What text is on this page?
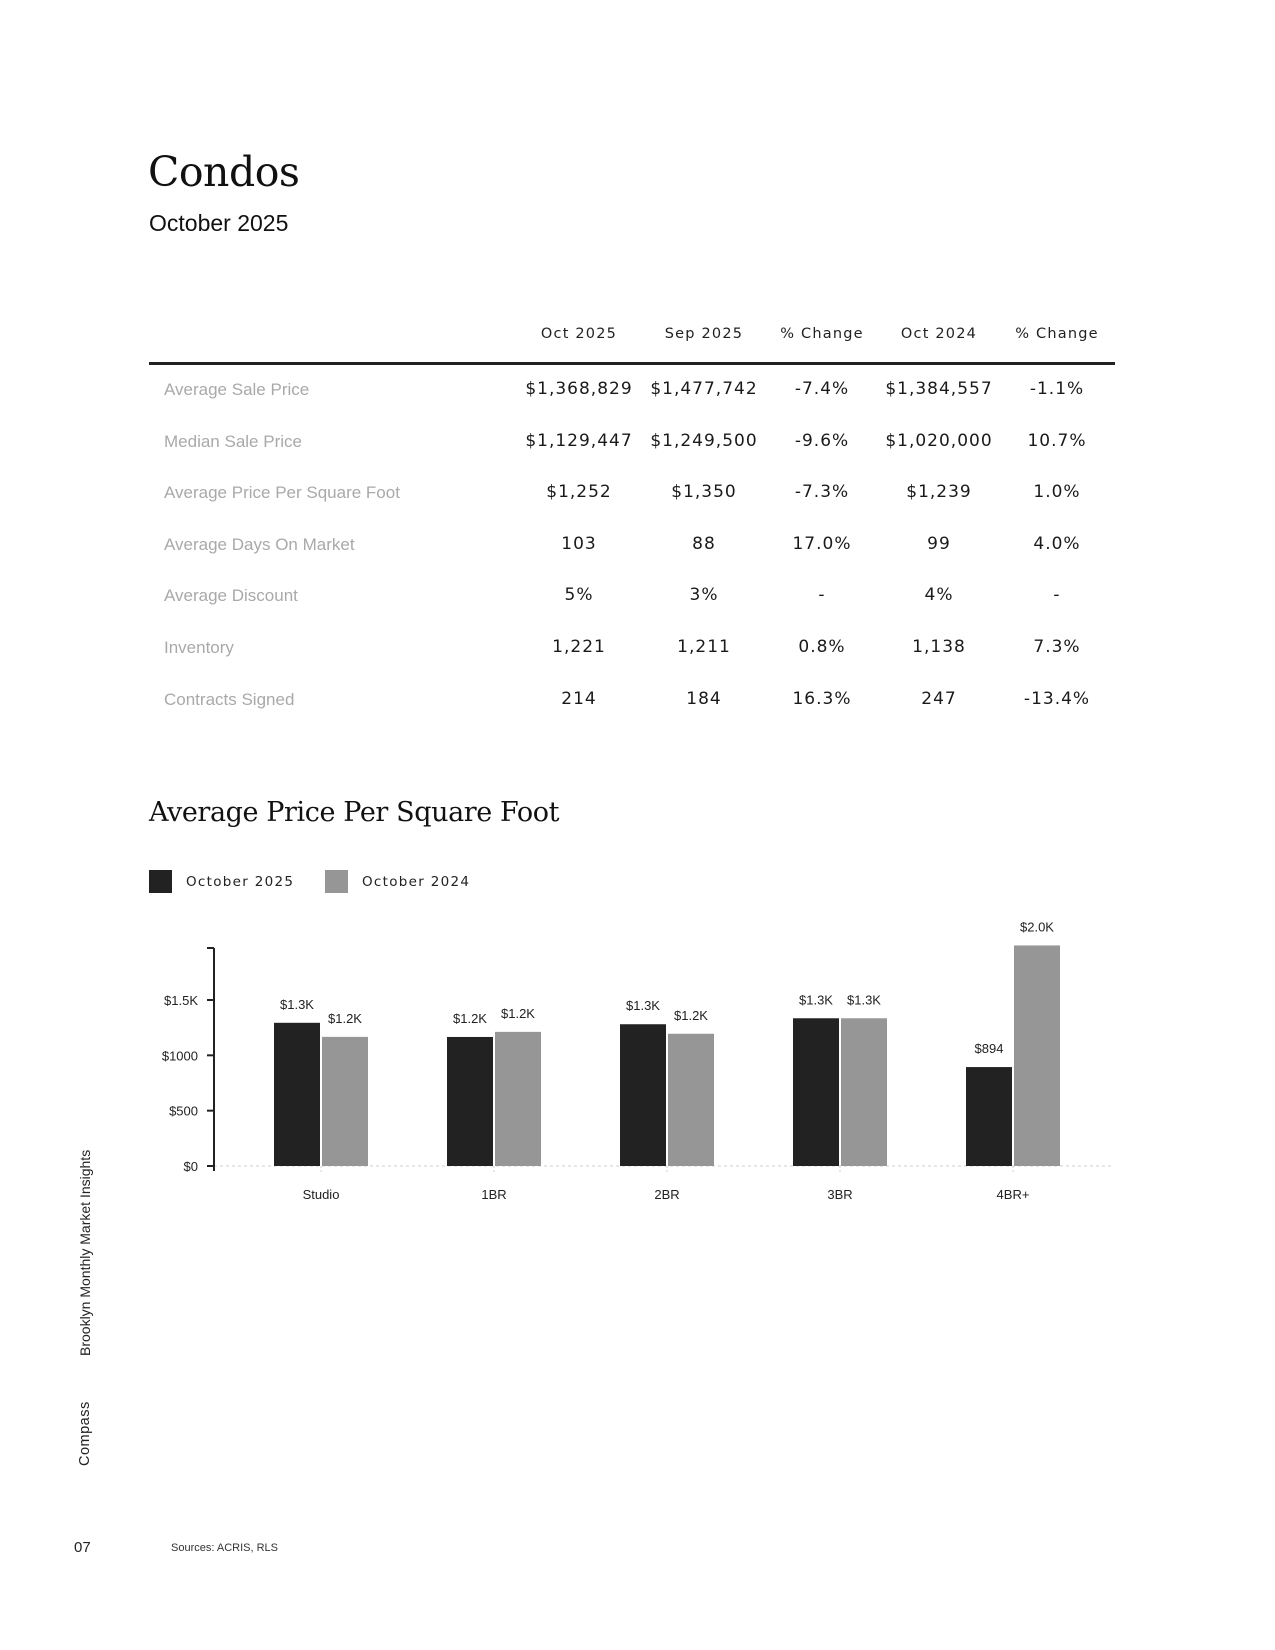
Condos
October 2025
Oct 2025	Sep 2025	% Change	Oct 2024	% Change
Average Sale Price	$1,368,829 $1,477,742 -7.4% $1,384,557 -1.1%
Median Sale Price	$1,129,447 $1,249,500 -9.6% $1,020,000 10.7%
Average Price Per Square Foot	$1,252	$1,350	-7.3%	$1,239	1.0%
Average Days On Market	103	88	17.0%	99	4.0%
Average Discount	5%	3%	-	4%	-
Inventory	1,221	1,211	0.8%	1,138	7.3%
Contracts Signed	214	184	16.3%	247	-13.4%
Average Price Per Square Foot
October 2025	October 2024
$0
$500
$1000
$1.5K
Studio
$1.3K
$1.2K
1BR
$1.2K $1.2K
2BR
$1.3K
$1.2K
3BR
$1.3K $1.3K
4BR+
$894
$2.0K
Brooklyn Monthly Market Insights
Compass
07	Sources: ACRIS, RLS
